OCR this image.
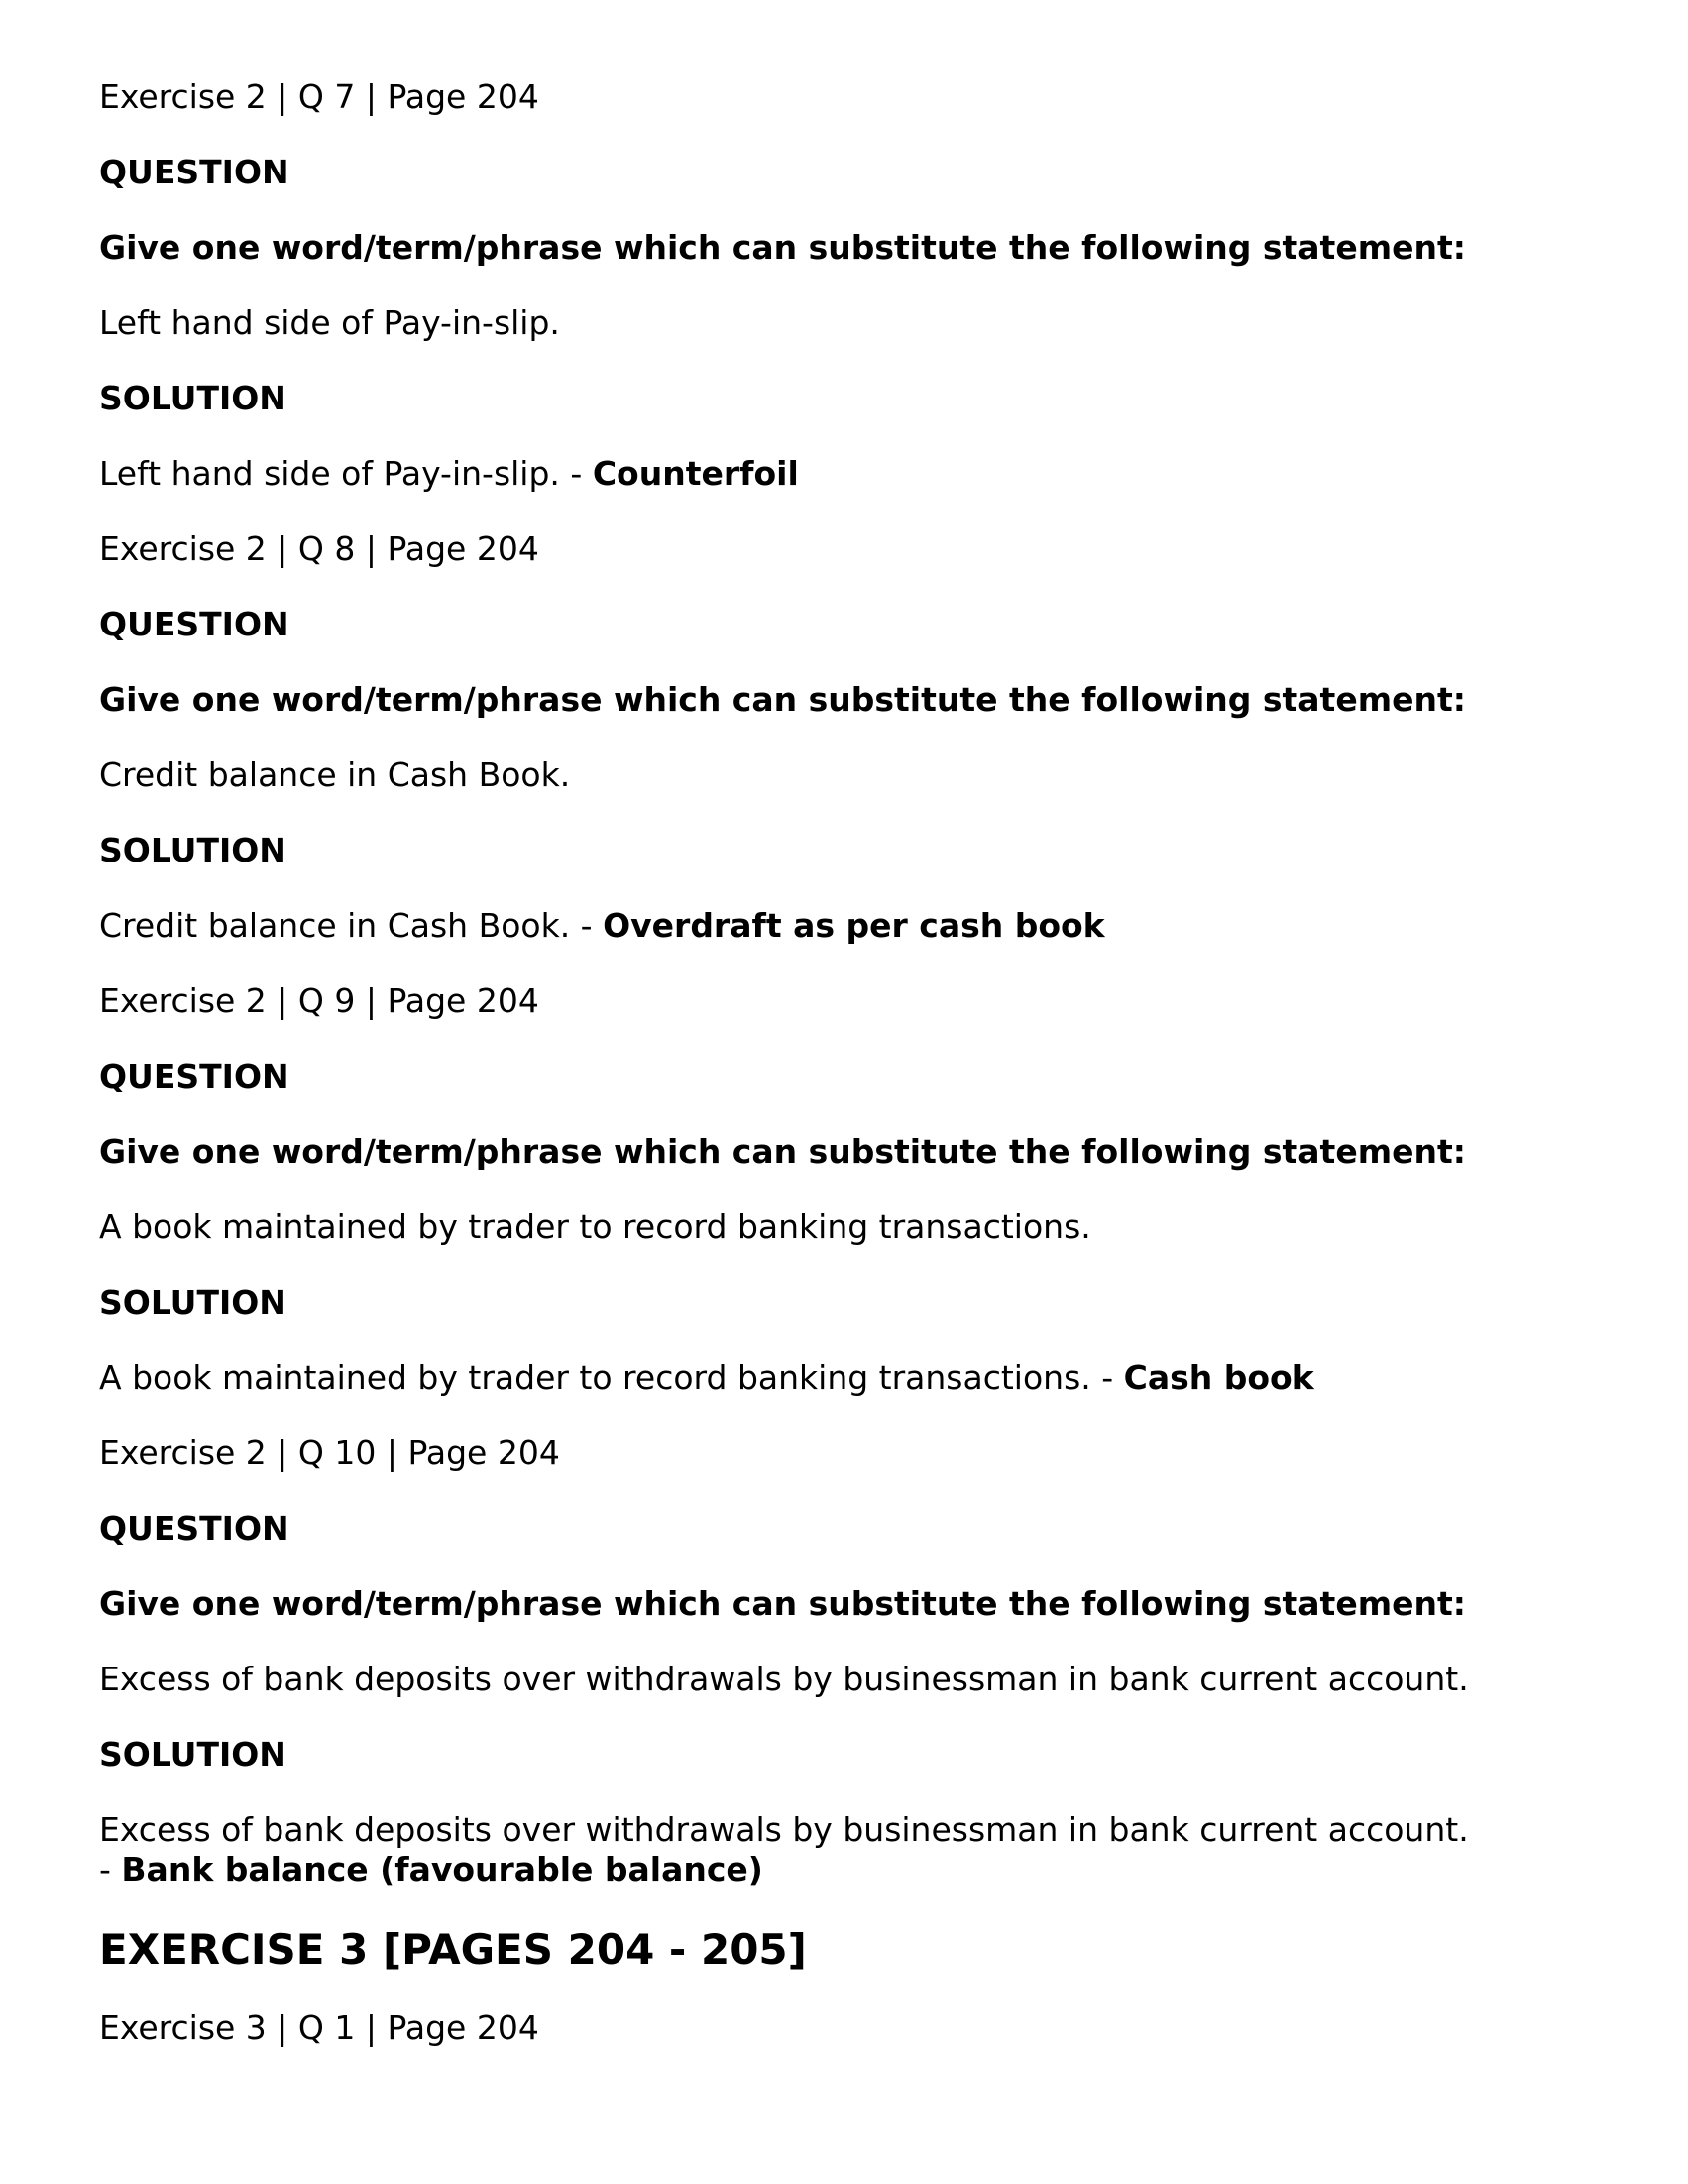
Exercise 2 | Q 7 | Page 204
QUESTION
Give one word/term/phrase which can substitute the following statement:
Left hand side of Pay-in-slip.
SOLUTION
Left hand side of Pay-in-slip. - Counterfoil
Exercise 2 | Q 8 | Page 204
QUESTION
Give one word/term/phrase which can substitute the following statement:
Credit balance in Cash Book.
SOLUTION
Credit balance in Cash Book. - Overdraft as per cash book
Exercise 2 | Q 9 | Page 204
QUESTION
Give one word/term/phrase which can substitute the following statement:
A book maintained by trader to record banking transactions.
SOLUTION
A book maintained by trader to record banking transactions. - Cash book
Exercise 2 | Q 10 | Page 204
QUESTION
Give one word/term/phrase which can substitute the following statement:
Excess of bank deposits over withdrawals by businessman in bank current account.
SOLUTION
Excess of bank deposits over withdrawals by businessman in bank current account.
- Bank balance (favourable balance)
EXERCISE 3 [PAGES 204 - 205]
Exercise 3 | Q 1 | Page 204
